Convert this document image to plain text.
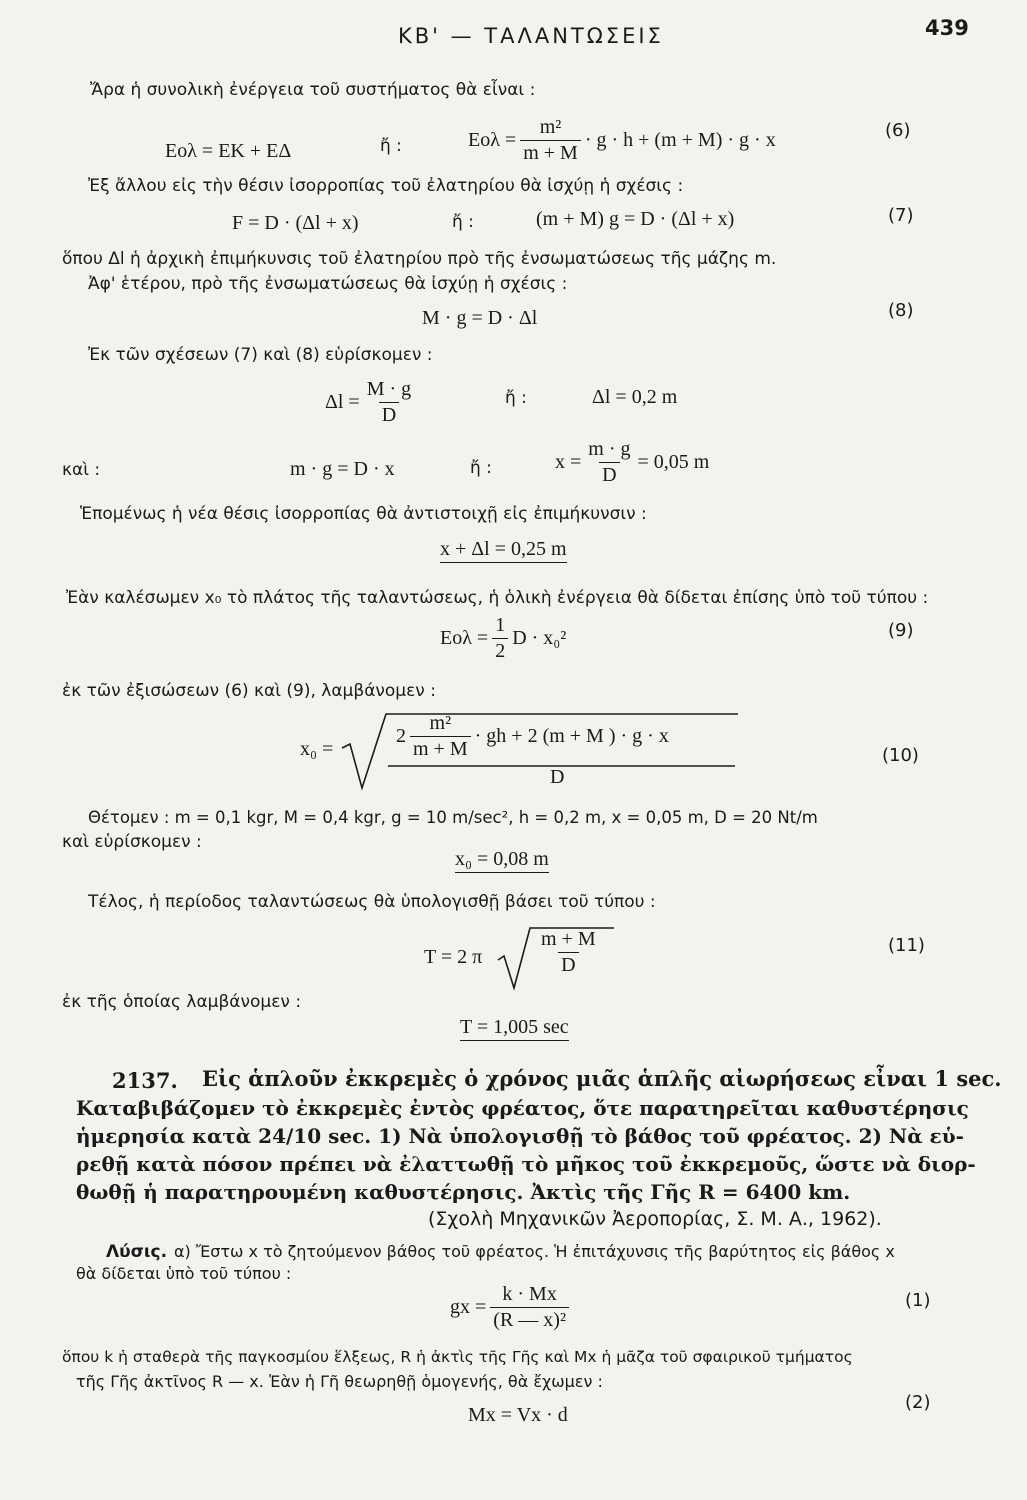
ΚΒ' — ΤΑΛΑΝΤΩΣΕΙΣ	439
Ἄρα ἡ συνολικὴ ἐνέργεια τοῦ συστήματος θὰ εἶναι :
Eολ = EK + EΔ	ἤ :	$Eo\lambda = \frac{\text{m²}}{m + M} \cdot g \cdot h + (m + M) \cdot g \cdot x$	(6)
Ἐξ ἄλλου εἰς τὴν θέσιν ἰσορροπίας τοῦ ἐλατηρίου θὰ ἰσχύῃ ἡ σχέσις :
F = D · (Δl + x)	ἤ :	(m + M) g = D · (Δl + x)	(7)
ὅπου Δl ἡ ἀρχικὴ ἐπιμήκυνσις τοῦ ἐλατηρίου πρὸ τῆς ἐνσωματώσεως τῆς μάζης m.
Ἀφ' ἑτέρου, πρὸ τῆς ἐνσωματώσεως θὰ ἰσχύῃ ἡ σχέσις :
M · g = D · Δl	(8)
Ἐκ τῶν σχέσεων (7) καὶ (8) εὑρίσκομεν :
$\Delta l = \frac{M \cdot g}{D}$	ἤ :	Δl = 0,2 m
καὶ :	m · g = D · x	ἤ :	$x = \frac{m \cdot g}{D} = 0,05$ m
Ἑπομένως ἡ νέα θέσις ἰσορροπίας θὰ ἀντιστοιχῇ εἰς ἐπιμήκυνσιν :
x + Δl = 0,25 m
Ἐὰν καλέσωμεν x₀ τὸ πλάτος τῆς ταλαντώσεως, ἡ ὁλικὴ ἐνέργεια θὰ δίδεται ἐπίσης ὑπὸ τοῦ τύπου :
$Eo\lambda = \frac{1}{2}$ D · x₀²	(9)
ἐκ τῶν ἐξισώσεων (6) καὶ (9), λαμβάνομεν :
x₀ =
$2 \frac{\text{m²}}{m + M}$ · gh + 2 (m + M ) · g · x
D
(10)
Θέτομεν : m = 0,1 kgr, M = 0,4 kgr, g = 10 m/sec², h = 0,2 m, x = 0,05 m, D = 20 Nt/m
καὶ εὑρίσκομεν :
x₀ = 0,08 m
Τέλος, ἡ περίοδος ταλαντώσεως θὰ ὑπολογισθῇ βάσει τοῦ τύπου :
T = 2 π	$\frac{m + M}{D}$	(11)
ἐκ τῆς ὁποίας λαμβάνομεν :
T = 1,005 sec
2137. Εἰς ἁπλοῦν ἐκκρεμὲς ὁ χρόνος μιᾶς ἁπλῆς αἰωρήσεως εἶναι 1 sec.
Καταβιβάζομεν τὸ ἐκκρεμὲς ἐντὸς φρέατος, ὅτε παρατηρεῖται καθυστέρησις
ἡμερησία κατὰ 24/10 sec. 1) Νὰ ὑπολογισθῇ τὸ βάθος τοῦ φρέατος. 2) Νὰ εὑ-
ρεθῇ κατὰ πόσον πρέπει νὰ ἐλαττωθῇ τὸ μῆκος τοῦ ἐκκρεμοῦς, ὥστε νὰ διορ-
θωθῇ ἡ παρατηρουμένη καθυστέρησις. Ἀκτὶς τῆς Γῆς R = 6400 km.
(Σχολὴ Μηχανικῶν Ἀεροπορίας, Σ. Μ. Α., 1962).
Λύσις. α) Ἔστω x τὸ ζητούμενον βάθος τοῦ φρέατος. Ἡ ἐπιτάχυνσις τῆς βαρύτητος εἰς βάθος x
θὰ δίδεται ὑπὸ τοῦ τύπου :
gx = $\frac{k \cdot Mx}{\text{(R — x)²}}$	(1)
ὅπου k ἡ σταθερὰ τῆς παγκοσμίου ἕλξεως, R ἡ ἀκτὶς τῆς Γῆς καὶ Mx ἡ μᾶζα τοῦ σφαιρικοῦ τμήματος
τῆς Γῆς ἀκτῖνος R — x. Ἐὰν ἡ Γῆ θεωρηθῇ ὁμογενής, θὰ ἔχωμεν :
Mx = Vx · d
(2)
